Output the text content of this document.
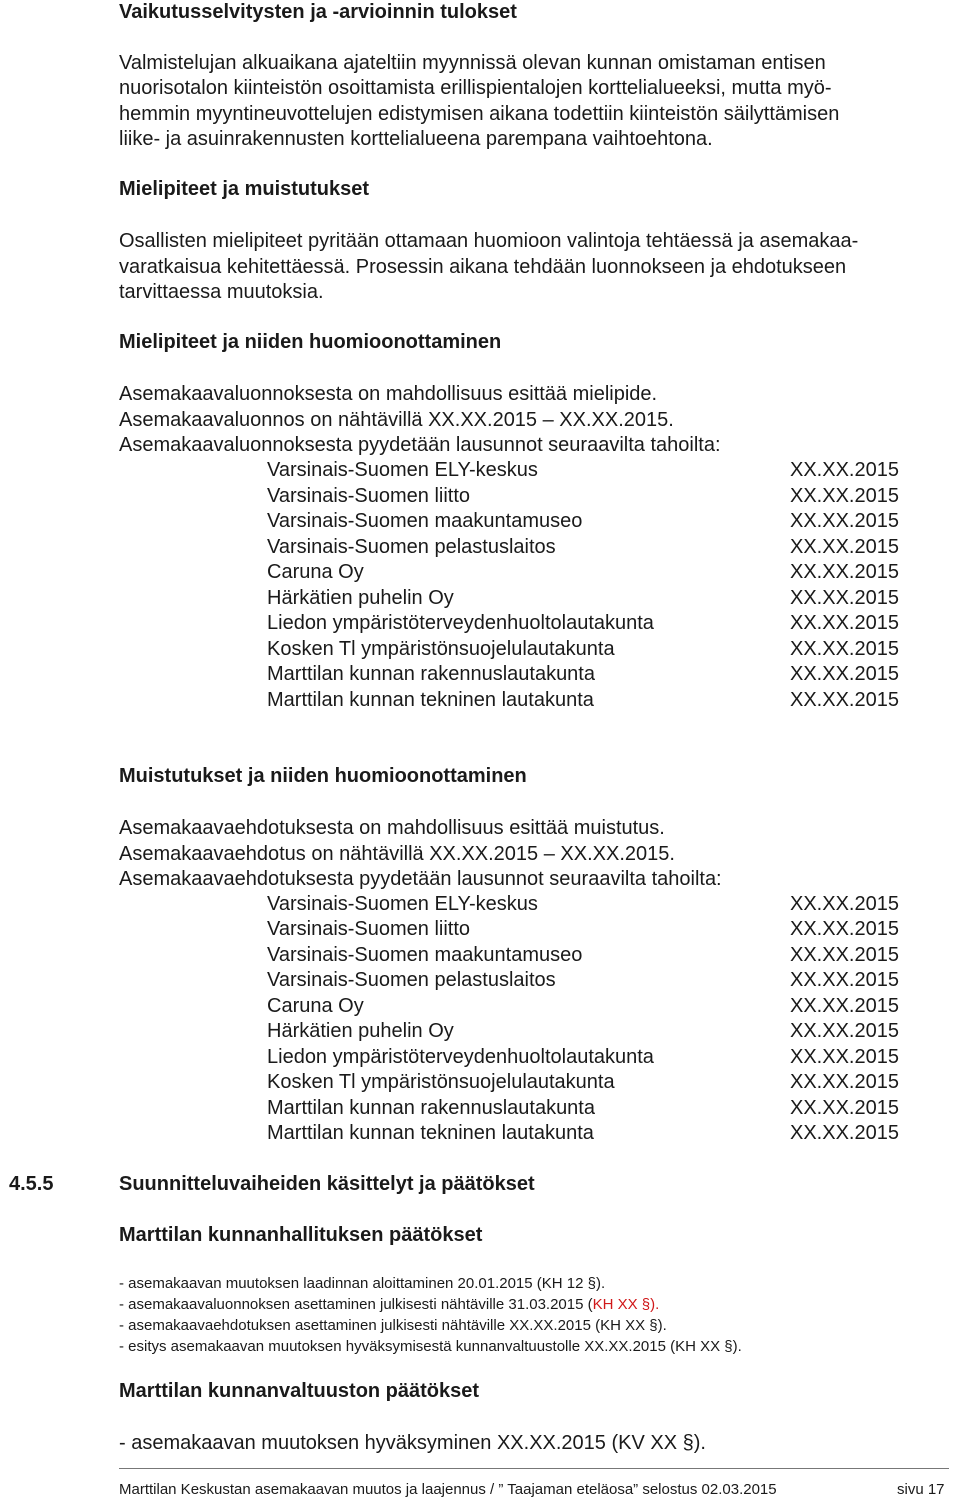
Vaikutusselvitysten ja -arvioinnin tulokset
Valmistelujan alkuaikana ajateltiin myynnissä olevan kunnan omistaman entisen
nuorisotalon kiinteistön osoittamista erillispientalojen korttelialueeksi, mutta myö-
hemmin myyntineuvottelujen edistymisen aikana todettiin kiinteistön säilyttämisen
liike- ja asuinrakennusten korttelialueena parempana vaihtoehtona.
Mielipiteet ja muistutukset
Osallisten mielipiteet pyritään ottamaan huomioon valintoja tehtäessä ja asemakaa-
varatkaisua kehitettäessä. Prosessin aikana tehdään luonnokseen ja ehdotukseen
tarvittaessa muutoksia.
Mielipiteet ja niiden huomioonottaminen
Asemakaavaluonnoksesta on mahdollisuus esittää mielipide.
Asemakaavaluonnos on nähtävillä XX.XX.2015 – XX.XX.2015.
Asemakaavaluonnoksesta pyydetään lausunnot seuraavilta tahoilta:
Varsinais-Suomen ELY-keskus	XX.XX.2015
Varsinais-Suomen liitto	XX.XX.2015
Varsinais-Suomen maakuntamuseo	XX.XX.2015
Varsinais-Suomen pelastuslaitos	XX.XX.2015
Caruna Oy	XX.XX.2015
Härkätien puhelin Oy	XX.XX.2015
Liedon ympäristöterveydenhuoltolautakunta	XX.XX.2015
Kosken Tl ympäristönsuojelulautakunta	XX.XX.2015
Marttilan kunnan rakennuslautakunta	XX.XX.2015
Marttilan kunnan tekninen lautakunta	XX.XX.2015
Muistutukset ja niiden huomioonottaminen
Asemakaavaehdotuksesta on mahdollisuus esittää muistutus.
Asemakaavaehdotus on nähtävillä XX.XX.2015 – XX.XX.2015.
Asemakaavaehdotuksesta pyydetään lausunnot seuraavilta tahoilta:
Varsinais-Suomen ELY-keskus	XX.XX.2015
Varsinais-Suomen liitto	XX.XX.2015
Varsinais-Suomen maakuntamuseo	XX.XX.2015
Varsinais-Suomen pelastuslaitos	XX.XX.2015
Caruna Oy	XX.XX.2015
Härkätien puhelin Oy	XX.XX.2015
Liedon ympäristöterveydenhuoltolautakunta	XX.XX.2015
Kosken Tl ympäristönsuojelulautakunta	XX.XX.2015
Marttilan kunnan rakennuslautakunta	XX.XX.2015
Marttilan kunnan tekninen lautakunta	XX.XX.2015
4.5.5	Suunnitteluvaiheiden käsittelyt ja päätökset
Marttilan kunnanhallituksen päätökset
- asemakaavan muutoksen laadinnan aloittaminen 20.01.2015 (KH 12 §).
- asemakaavaluonnoksen asettaminen julkisesti nähtäville 31.03.2015 (KH XX §).
- asemakaavaehdotuksen asettaminen julkisesti nähtäville XX.XX.2015 (KH XX §).
- esitys asemakaavan muutoksen hyväksymisestä kunnanvaltuustolle XX.XX.2015 (KH XX §).
Marttilan kunnanvaltuuston päätökset
- asemakaavan muutoksen hyväksyminen XX.XX.2015 (KV XX §).
Marttilan Keskustan asemakaavan muutos ja laajennus / ” Taajaman eteläosa” selostus 02.03.2015	sivu 17
